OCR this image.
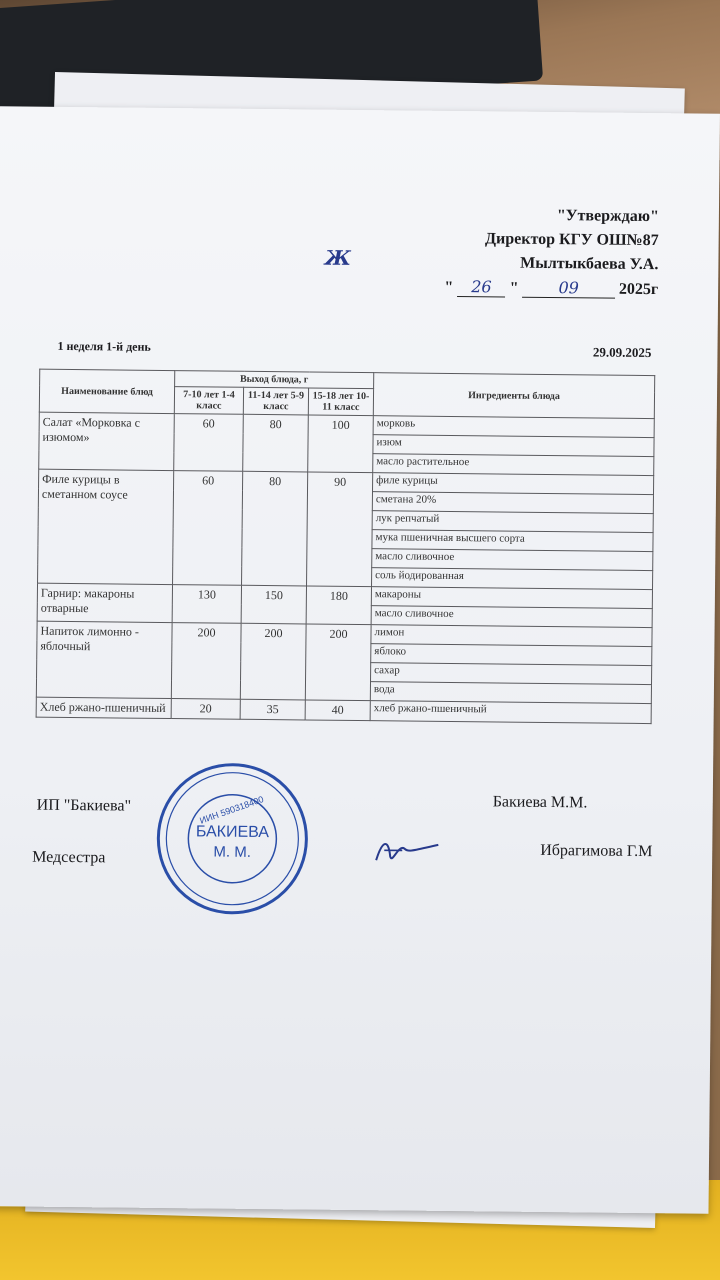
"Утверждаю"
Директор КГУ ОШ№87
Ж	Мылтыкбаева У.А.
" 26 " 09 2025г
1 неделя 1-й день	29.09.2025
Наименование блюд	Выход блюда, г			Ингредиенты блюда
	7-10 лет 1-4 класс	11-14 лет 5-9 класс	15-18 лет 10-11 класс	
Салат «Морковка с изюмом»	60	80	100	морковь
				изюм
				масло растительное
Филе курицы в сметанном соусе	60	80	90	филе курицы
				сметана 20%
				лук репчатый
				мука пшеничная высшего сорта
				масло сливочное
				соль йодированная
Гарнир: макароны отварные	130	150	180	макароны
				масло сливочное
Напиток лимонно - яблочный	200	200	200	лимон
				яблоко
				сахар
				вода
Хлеб ржано-пшеничный	20	35	40	хлеб ржано-пшеничный
ИП "Бакиева"	Бакиева М.М.
Медсестра	Ибрагимова Г.М
БАКИЕВА
М. М.
ИИН 590318400
